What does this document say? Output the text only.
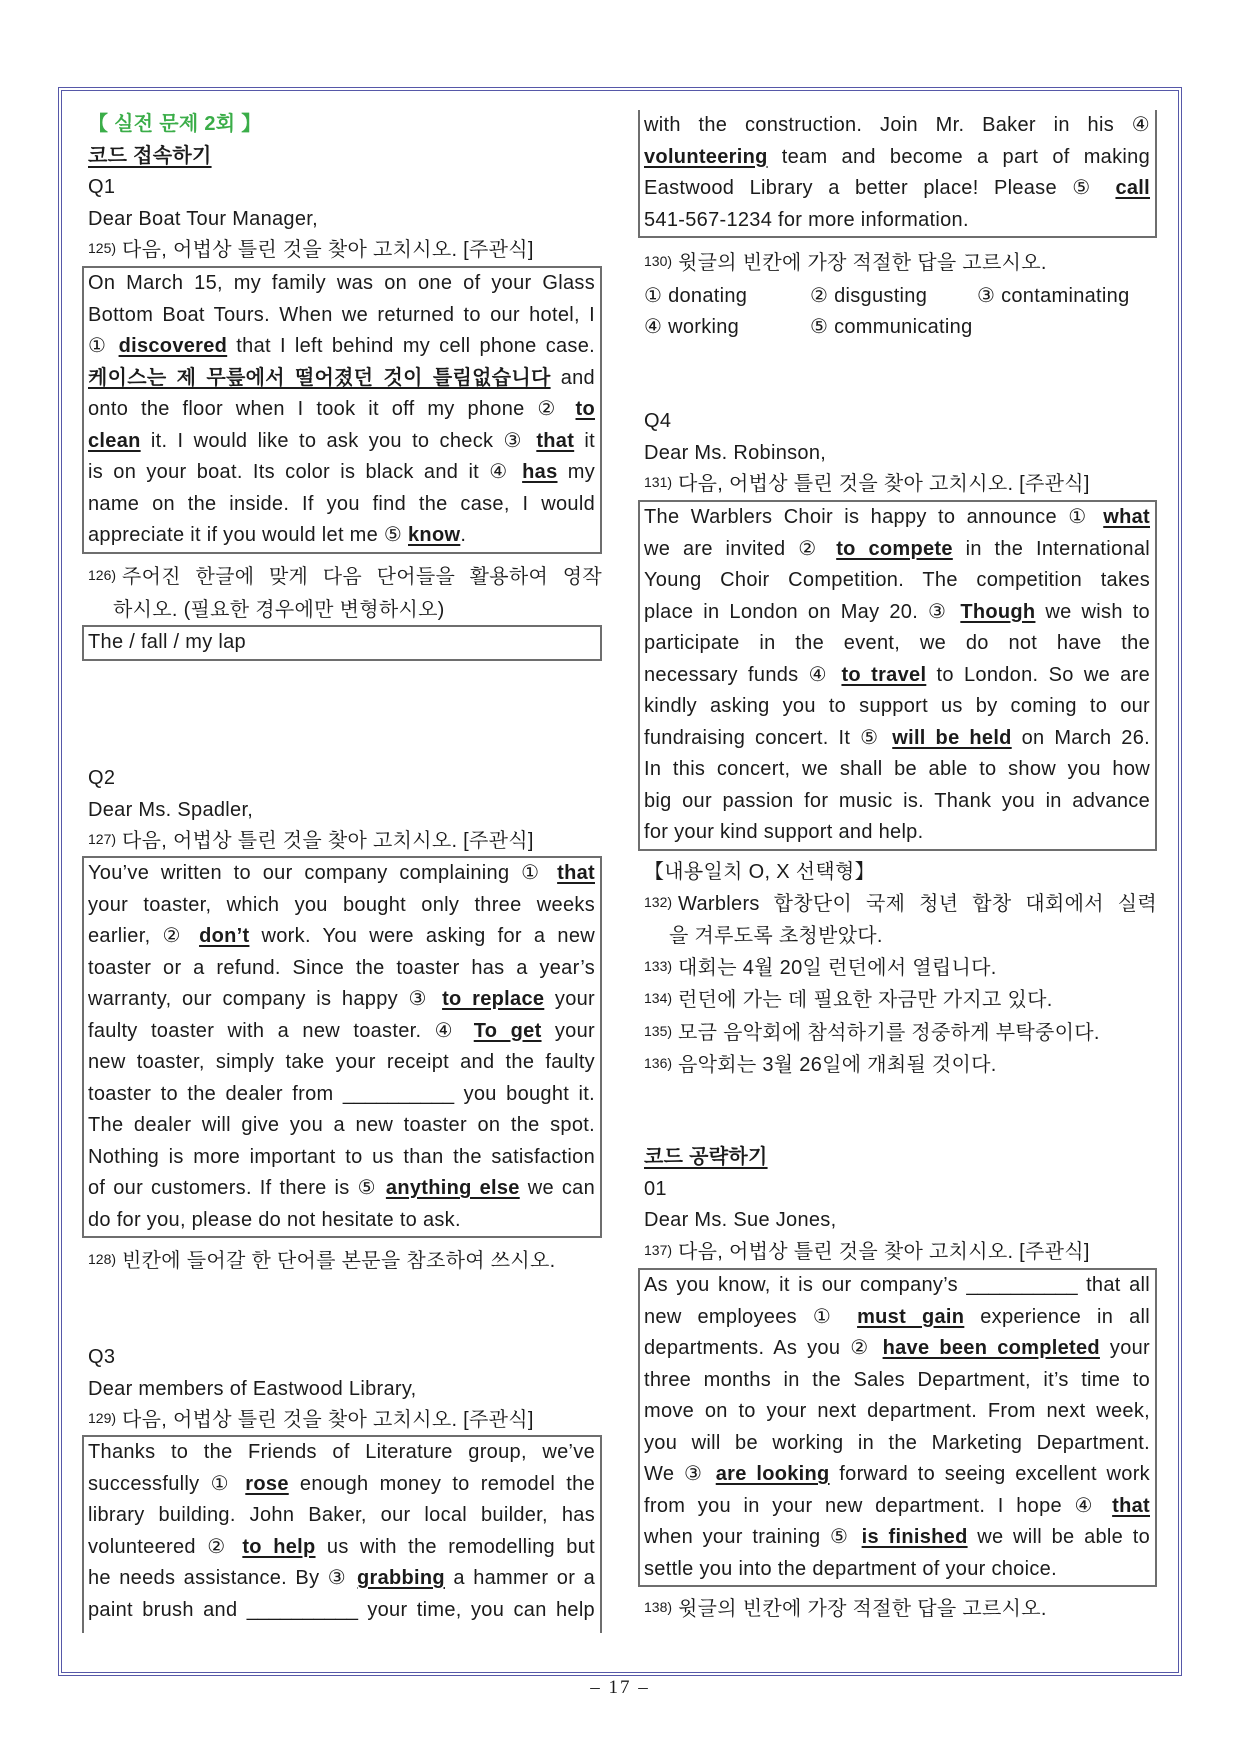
【 실전 문제 2회 】
코드 접속하기
Q1
Dear Boat Tour Manager,
125) 다음, 어법상 틀린 것을 찾아 고치시오. [주관식]
On March 15, my family was on one of your Glass
Bottom Boat Tours. When we returned to our hotel, I
① discovered that I left behind my cell phone case.
케이스는 제 무릎에서 떨어졌던 것이 틀림없습니다 and
onto the floor when I took it off my phone ② to
clean it. I would like to ask you to check ③ that it
is on your boat. Its color is black and it ④ has my
name on the inside. If you find the case, I would
appreciate it if you would let me ⑤ know.
126) 주어진 한글에 맞게 다음 단어들을 활용하여 영작
하시오. (필요한 경우에만 변형하시오)
The / fall / my lap
Q2
Dear Ms. Spadler,
127) 다음, 어법상 틀린 것을 찾아 고치시오. [주관식]
You’ve written to our company complaining ① that
your toaster, which you bought only three weeks
earlier, ② don’t work. You were asking for a new
toaster or a refund. Since the toaster has a year’s
warranty, our company is happy ③ to replace your
faulty toaster with a new toaster. ④ To get your
new toaster, simply take your receipt and the faulty
toaster to the dealer from __________ you bought it.
The dealer will give you a new toaster on the spot.
Nothing is more important to us than the satisfaction
of our customers. If there is ⑤ anything else we can
do for you, please do not hesitate to ask.
128) 빈칸에 들어갈 한 단어를 본문을 참조하여 쓰시오.
Q3
Dear members of Eastwood Library,
129) 다음, 어법상 틀린 것을 찾아 고치시오. [주관식]
Thanks to the Friends of Literature group, we’ve
successfully ① rose enough money to remodel the
library building. John Baker, our local builder, has
volunteered ② to help us with the remodelling but
he needs assistance. By ③ grabbing a hammer or a
paint brush and __________ your time, you can help
with the construction. Join Mr. Baker in his ④
volunteering team and become a part of making
Eastwood Library a better place! Please ⑤ call
541-567-1234 for more information.
130) 윗글의 빈칸에 가장 적절한 답을 고르시오.
① donating	② disgusting	③ contaminating
④ working	⑤ communicating
Q4
Dear Ms. Robinson,
131) 다음, 어법상 틀린 것을 찾아 고치시오. [주관식]
The Warblers Choir is happy to announce ① what
we are invited ② to compete in the International
Young Choir Competition. The competition takes
place in London on May 20. ③ Though we wish to
participate in the event, we do not have the
necessary funds ④ to travel to London. So we are
kindly asking you to support us by coming to our
fundraising concert. It ⑤ will be held on March 26.
In this concert, we shall be able to show you how
big our passion for music is. Thank you in advance
for your kind support and help.
【내용일치 O, X 선택형】
132) Warblers 합창단이 국제 청년 합창 대회에서 실력
을 겨루도록 초청받았다.
133) 대회는 4월 20일 런던에서 열립니다.
134) 런던에 가는 데 필요한 자금만 가지고 있다.
135) 모금 음악회에 참석하기를 정중하게 부탁중이다.
136) 음악회는 3월 26일에 개최될 것이다.
코드 공략하기
01
Dear Ms. Sue Jones,
137) 다음, 어법상 틀린 것을 찾아 고치시오. [주관식]
As you know, it is our company’s __________ that all
new employees ① must gain experience in all
departments. As you ② have been completed your
three months in the Sales Department, it’s time to
move on to your next department. From next week,
you will be working in the Marketing Department.
We ③ are looking forward to seeing excellent work
from you in your new department. I hope ④ that
when your training ⑤ is finished we will be able to
settle you into the department of your choice.
138) 윗글의 빈칸에 가장 적절한 답을 고르시오.
– 17 –
